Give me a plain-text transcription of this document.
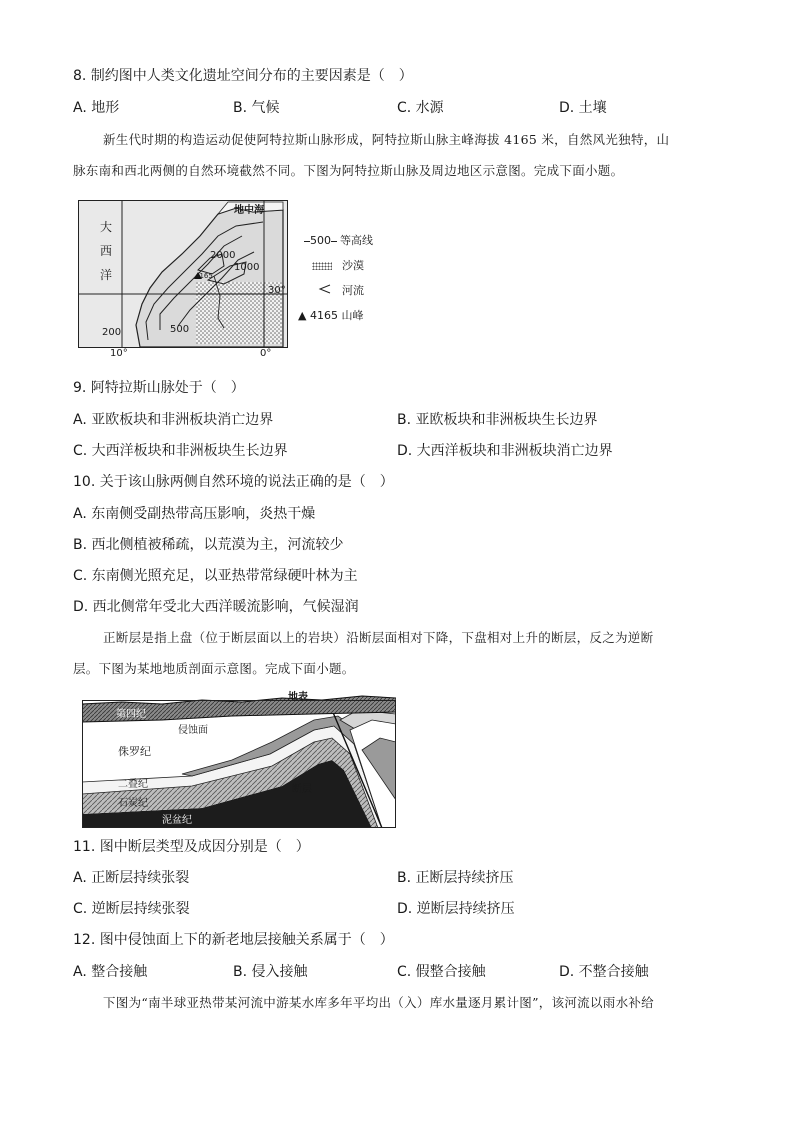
8. 制约图中人类文化遗址空间分布的主要因素是（　）
A. 地形	B. 气候	C. 水源	D. 土壤
新生代时期的构造运动促使阿特拉斯山脉形成，阿特拉斯山脉主峰海拔 4165 米，自然风光独特，山
脉东南和西北两侧的自然环境截然不同。下图为阿特拉斯山脉及周边地区示意图。完成下面小题。
地中海
大
西
洋
2000
1000
500
200
4165
30°
10°	0°
500 等高线
沙漠
河流
▲ 4165 山峰
9. 阿特拉斯山脉处于（　）
A. 亚欧板块和非洲板块消亡边界	B. 亚欧板块和非洲板块生长边界
C. 大西洋板块和非洲板块生长边界	D. 大西洋板块和非洲板块消亡边界
10. 关于该山脉两侧自然环境的说法正确的是（　）
A. 东南侧受副热带高压影响，炎热干燥
B. 西北侧植被稀疏，以荒漠为主，河流较少
C. 东南侧光照充足，以亚热带常绿硬叶林为主
D. 西北侧常年受北大西洋暖流影响，气候湿润
正断层是指上盘（位于断层面以上的岩块）沿断层面相对下降，下盘相对上升的断层，反之为逆断
层。下图为某地地质剖面示意图。完成下面小题。
地表
第四纪
侵蚀面
侏罗纪
二叠纪
石炭纪
泥盆纪
断层
11. 图中断层类型及成因分别是（　）
A. 正断层持续张裂	B. 正断层持续挤压
C. 逆断层持续张裂	D. 逆断层持续挤压
12. 图中侵蚀面上下的新老地层接触关系属于（　）
A. 整合接触	B. 侵入接触	C. 假整合接触	D. 不整合接触
下图为“南半球亚热带某河流中游某水库多年平均出（入）库水量逐月累计图”，该河流以雨水补给
